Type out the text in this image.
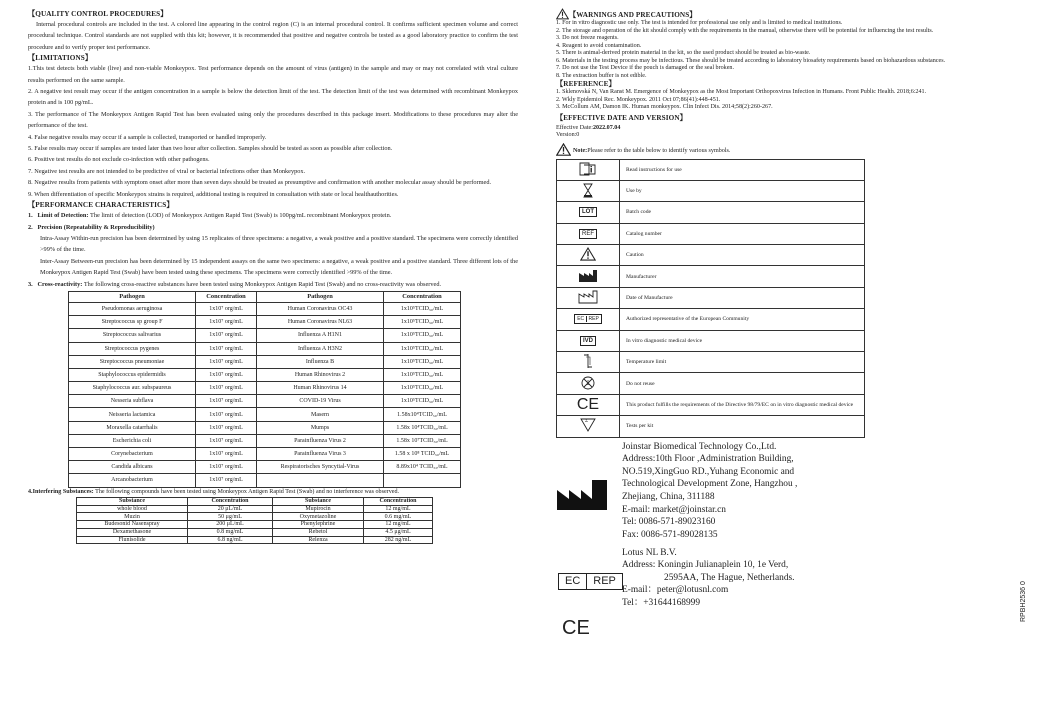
【QUALITY CONTROL PROCEDURES】

Internal procedural controls are included in the test. A colored line appearing in the control region (C) is an internal procedural control. It confirms sufficient specimen volume and correct procedural technique. Control standards are not supplied with this kit; however, it is recommended that positive and negative controls be tested as a good laboratory practice to confirm the test procedure and to verify proper test performance.

【LIMITATIONS】

1.This test detects both viable (live) and non-viable Monkeypox. Test performance depends on the amount of virus (antigen) in the sample and may or may not correlated with viral culture results performed on the same sample.

2. A negative test result may occur if the antigen concentration in a sample is below the detection limit of the test. The detection limit of the test was determined with recombinant Monkeypox protein and is 100 pg/mL.

3. The performance of The Monkeypox Antigen Rapid Test has been evaluated using only the procedures described in this package insert. Modifications to these procedures may alter the performance of the test.

4. False negative results may occur if a sample is collected, transported or handled improperly.

5. False results may occur if samples are tested later than two hour after collection. Samples should be tested as soon as possible after collection.

6. Positive test results do not exclude co-infection with other pathogens.

7. Negative test results are not intended to be predictive of viral or bacterial infections other than Monkeypox.

8. Negative results from patients with symptom onset after more than seven days should be treated as presumptive and confirmation with another molecular assay should be performed.

9. When differentiation of specific Monkeypox strains is required, additional testing is required in consultation with state or local healthauthorities.

【PERFORMANCE CHARACTERISTICS】

1. Limit of Detection: The limit of detection (LOD) of Monkeypox Antigen Rapid Test (Swab) is 100pg/mL recombinant Monkeypox protein.

2. Precision (Repeatability & Reproducibility)

Intra-Assay Within-run precision has been determined by using 15 replicates of three specimens: a negative, a weak positive and a positive standard. The specimens were correctly identified >99% of the time.

Inter-Assay Between-run precision has been determined by 15 independent assays on the same two specimens: a negative, a weak positive and a positive standard. Three different lots of the Monkeypox Antigen Rapid Test (Swab) have been tested using these specimens. The specimens were correctly identified >99% of the time.

3. Cross-reactivity: The following cross-reactive substances have been tested using Monkeypox Antigen Rapid Test (Swab) and no cross-reactivity was observed.

Pathogen	Concentration	Pathogen	Concentration
Pseudomonas aeruginosa	1x10⁷ org/mL	Human Coronavirus OC43	1x10⁵TCID₅₀/mL
Streptococcus sp group F	1x10⁷ org/mL	Human Coronavirus NL63	1x10⁵TCID₅₀/mL
Streptococcus salivarius	1x10⁷ org/mL	Influenza A H1N1	1x10⁵TCID₅₀/mL
Streptococcus pygenes	1x10⁷ org/mL	Influenza A H3N2	1x10⁵TCID₅₀/mL
Streptococcus pneumoniae	1x10⁷ org/mL	Influenza B	1x10⁵TCID₅₀/mL
Staphylococcus epidermidis	1x10⁷ org/mL	Human Rhinovirus 2	1x10⁵TCID₅₀/mL
Staphylococcus aur. subspaureus	1x10⁷ org/mL	Human Rhinovirus 14	1x10⁵TCID₅₀/mL
Nesseria subflava	1x10⁷ org/mL	COVID-19 Virus	1x10⁵TCID₅₀/mL
Neisseria lactamica	1x10⁷ org/mL	Masern	1.58x10⁴TCID₅₀/mL
Moraxella catarrhalis	1x10⁷ org/mL	Mumps	1.58x 10⁴TCID₅₀/mL
Escherichia coli	1x10⁷ org/mL	Parainfluenza Virus 2	1.58x 10⁷TCID₅₀/mL
Corynebacterium	1x10⁷ org/mL	Parainfluenza Virus 3	1.58 x 10⁸ TCID₅₀/mL
Candida albicans	1x10⁷ org/mL	Respiratorisches Syncytial-Virus	8.89x10⁴ TCID₅₀/mL
Arcanobacterium	1x10⁷ org/mL		

4.Interfering Substances: The following compounds have been tested using Monkeypox Antigen Rapid Test (Swab) and no interference was observed.

Substance	Concentration	Substance	Concentration
whole blood	20 μL/mL	Mupirocin	12 mg/mL
Muzin	50 μg/mL	Oxymetazoline	0.6 mg/mL
Budesonid Nasenspray	200 μL/mL	Phenylephrine	12 mg/mL
Dexamethasone	0.8 mg/mL	Rebetol	4.5 μg/mL
Flunisolide	6.8 ng/mL	Relenza	282 ng/mL
【WARNINGS AND PRECAUTIONS】

1. For in vitro diagnostic use only. The test is intended for professional use only and is limited to medical institutions.

2. The storage and operation of the kit should comply with the requirements in the manual, otherwise there will be potential for influencing the test results.

3. Do not freeze reagents.

4. Reagent to avoid contamination.

5. There is animal-derived protein material in the kit, so the used product should be treated as bio-waste.

6. Materials in the testing process may be infectious. These should be treated according to laboratory biosafety requirements based on biohazardous substances.

7. Do not use the Test Device if the pouch is damaged or the seal broken.

8. The extraction buffer is not edible.

【REFERENCE】

1. Sklenovská N, Van Ranst M. Emergence of Monkeypox as the Most Important Orthopoxvirus Infection in Humans. Front Public Health. 2018;6:241.

2. Wkly Epidemiol Rec. Monkeypox. 2011 Oct 07;86(41):448-451.

3. McCollum AM, Damon IK. Human monkeypox. Clin Infect Dis. 2014;58(2):260-267.

【EFFECTIVE DATE AND VERSION】

Effective Date:2022.07.04

Version:0

Note:Please refer to the table below to identify various symbols.
	Read instructions for use
	Use by
LOT	Batch code
REF	Catalog number
	Caution
	Manufacturer
	Date of Manufacture
EC REP	Authorized representative of the European Community
IVD	In vitro diagnostic medical device
	Temperature limit

2	Do not reuse
CE	This product fulfills the requirements of the Directive 98/79/EC on in vitro diagnostic medical device

Σ	Tests per kit

Joinstar Biomedical Technology Co.,Ltd.

Address:10th Floor ,Administration Building,

NO.519,XingGuo RD.,Yuhang Economic and

Technological Development Zone, Hangzhou ,

Zhejiang, China, 311188

E-mail: market@joinstar.cn

Tel: 0086-571-89023160

Fax: 0086-571-89028135

EC	REP

Lotus NL B.V.

Address: Koningin Julianaplein 10, 1e Verd,

2595AA, The Hague, Netherlands.

E-mail：peter@lotusnl.com

Tel：+31644168999

CE
RPBH2536 0
